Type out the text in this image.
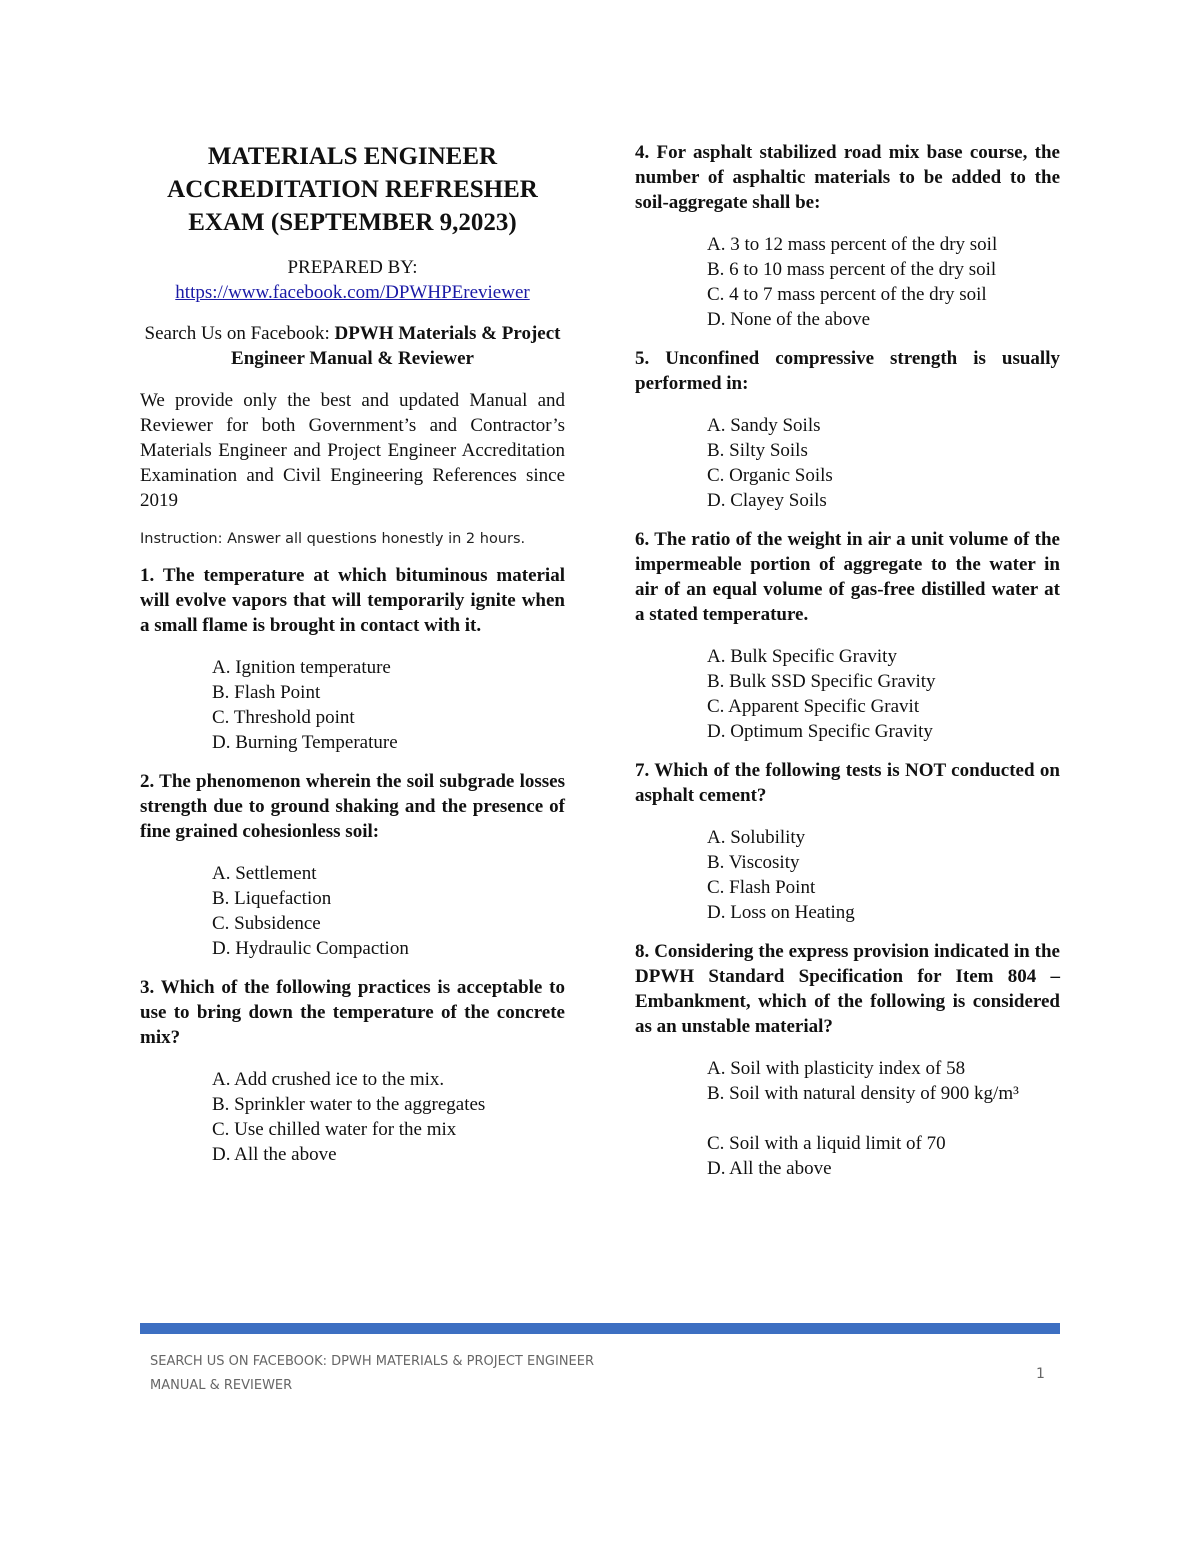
MATERIALS ENGINEER ACCREDITATION REFRESHER EXAM (SEPTEMBER 9,2023)
PREPARED BY:
https://www.facebook.com/DPWHPEreviewer
Search Us on Facebook: DPWH Materials & Project Engineer Manual & Reviewer
We provide only the best and updated Manual and Reviewer for both Government’s and Contractor’s Materials Engineer and Project Engineer Accreditation Examination and Civil Engineering References since 2019
Instruction: Answer all questions honestly in 2 hours.
1. The temperature at which bituminous material will evolve vapors that will temporarily ignite when a small flame is brought in contact with it.
A. Ignition temperature
B. Flash Point
C. Threshold point
D. Burning Temperature
2. The phenomenon wherein the soil subgrade losses strength due to ground shaking and the presence of fine grained cohesionless soil:
A. Settlement
B. Liquefaction
C. Subsidence
D. Hydraulic Compaction
3. Which of the following practices is acceptable to use to bring down the temperature of the concrete mix?
A. Add crushed ice to the mix.
B. Sprinkler water to the aggregates
C. Use chilled water for the mix
D. All the above
4. For asphalt stabilized road mix base course, the number of asphaltic materials to be added to the soil-aggregate shall be:
A. 3 to 12 mass percent of the dry soil
B. 6 to 10 mass percent of the dry soil
C. 4 to 7 mass percent of the dry soil
D. None of the above
5. Unconfined compressive strength is usually performed in:
A. Sandy Soils
B. Silty Soils
C. Organic Soils
D. Clayey Soils
6. The ratio of the weight in air a unit volume of the impermeable portion of aggregate to the water in air of an equal volume of gas-free distilled water at a stated temperature.
A. Bulk Specific Gravity
B. Bulk SSD Specific Gravity
C. Apparent Specific Gravit
D. Optimum Specific Gravity
7. Which of the following tests is NOT conducted on asphalt cement?
A. Solubility
B. Viscosity
C. Flash Point
D. Loss on Heating
8. Considering the express provision indicated in the DPWH Standard Specification for Item 804 – Embankment, which of the following is considered as an unstable material?
A. Soil with plasticity index of 58
B. Soil with natural density of 900 kg/m³
C. Soil with a liquid limit of 70
D. All the above
SEARCH US ON FACEBOOK: DPWH MATERIALS & PROJECT ENGINEER MANUAL & REVIEWER
1
